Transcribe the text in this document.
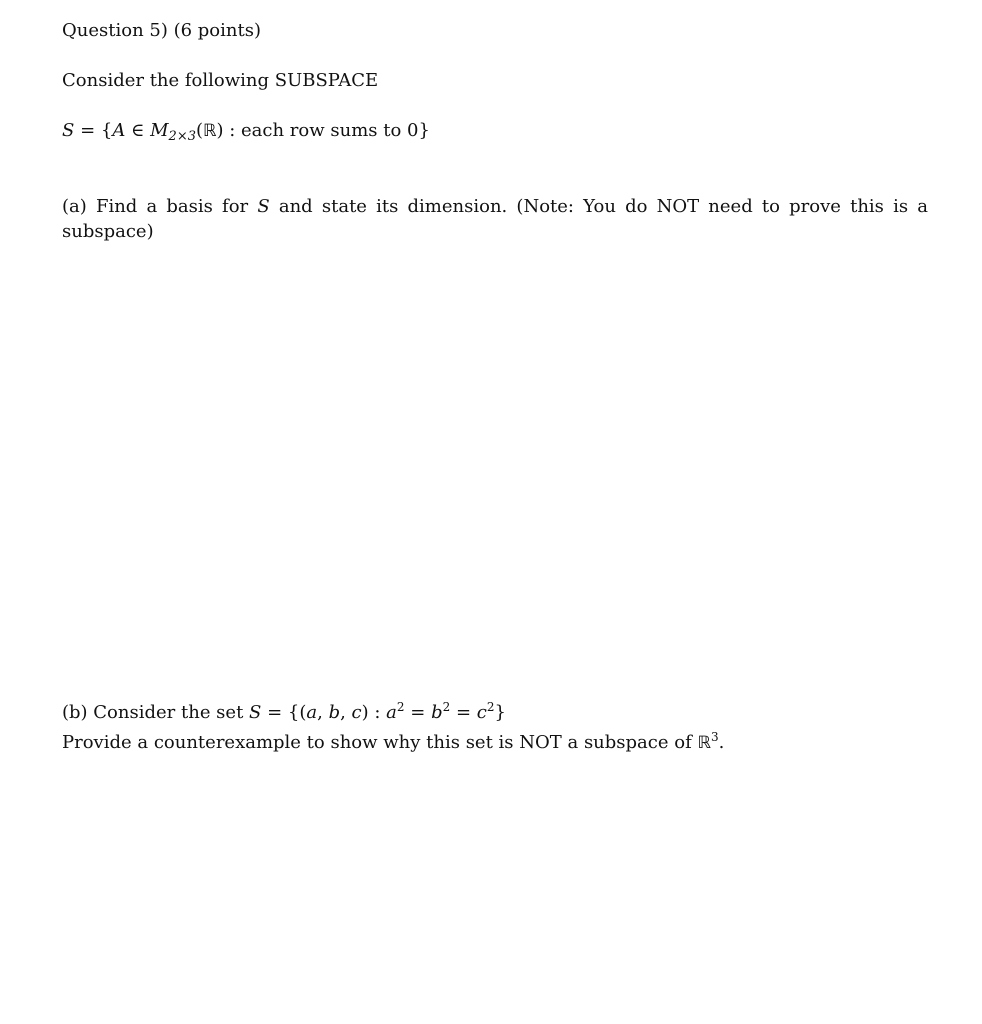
Question 5) (6 points)
Consider the following SUBSPACE
S = {A ∈ $M_{2\times 3}(ℝ)$ : each row sums to 0}
(a) Find a basis for S and state its dimension. (Note: You do NOT need to prove this is a
subspace)
(b) Consider the set S = {(a, b, c) : $a^2 = b^2 = c^2$}
Provide a counterexample to show why this set is NOT a subspace of ℝ$^3$.
